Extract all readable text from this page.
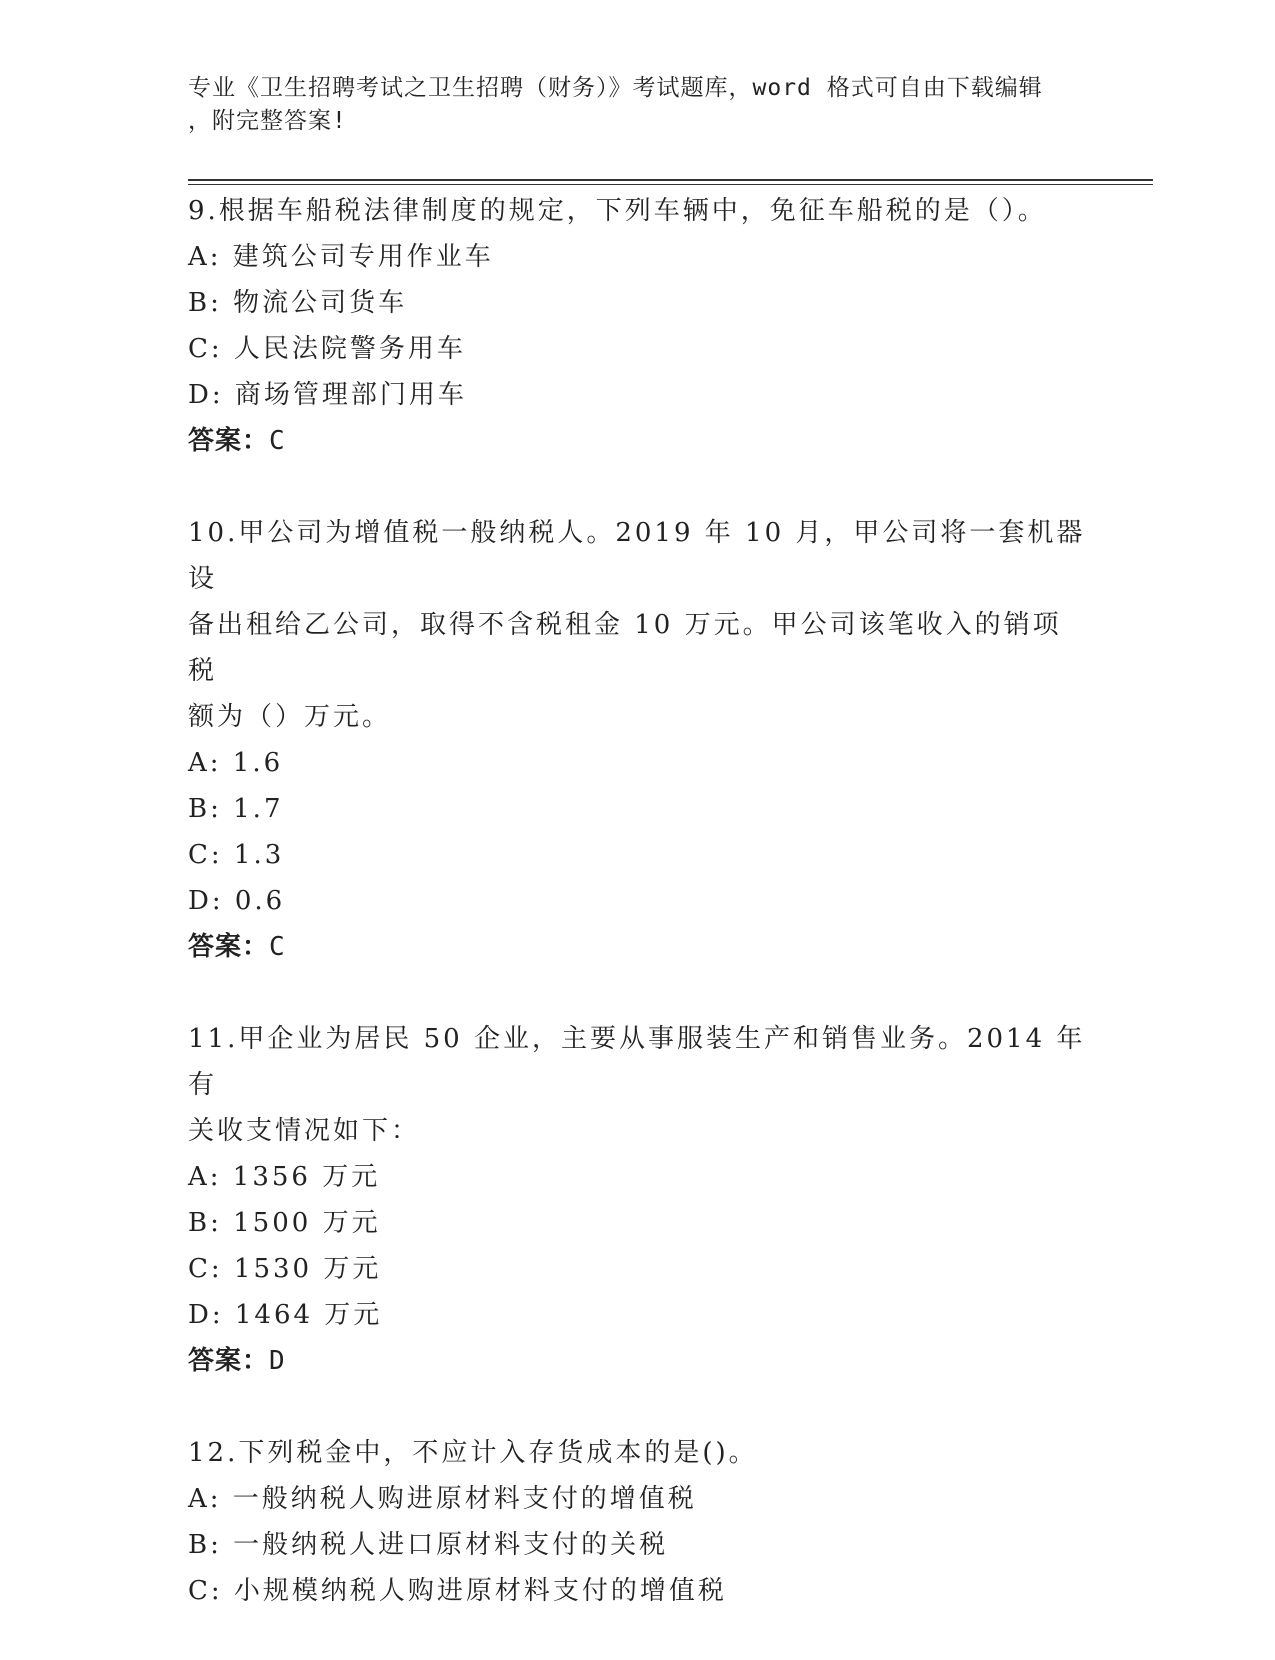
专业《卫生招聘考试之卫生招聘（财务）》考试题库，word 格式可自由下载编辑
，附完整答案!

9.根据车船税法律制度的规定，下列车辆中，免征车船税的是（）。

A: 建筑公司专用作业车

B: 物流公司货车

C: 人民法院警务用车

D: 商场管理部门用车

答案：C

10.甲公司为增值税一般纳税人。2019 年 10 月，甲公司将一套机器设

备出租给乙公司，取得不含税租金 10 万元。甲公司该笔收入的销项税

额为（）万元。

A: 1.6

B: 1.7

C: 1.3

D: 0.6

答案：C

11.甲企业为居民 50 企业，主要从事服装生产和销售业务。2014 年有

关收支情况如下：

A: 1356 万元

B: 1500 万元

C: 1530 万元

D: 1464 万元

答案：D

12.下列税金中，不应计入存货成本的是()。

A: 一般纳税人购进原材料支付的增值税

B: 一般纳税人进口原材料支付的关税

C: 小规模纳税人购进原材料支付的增值税
